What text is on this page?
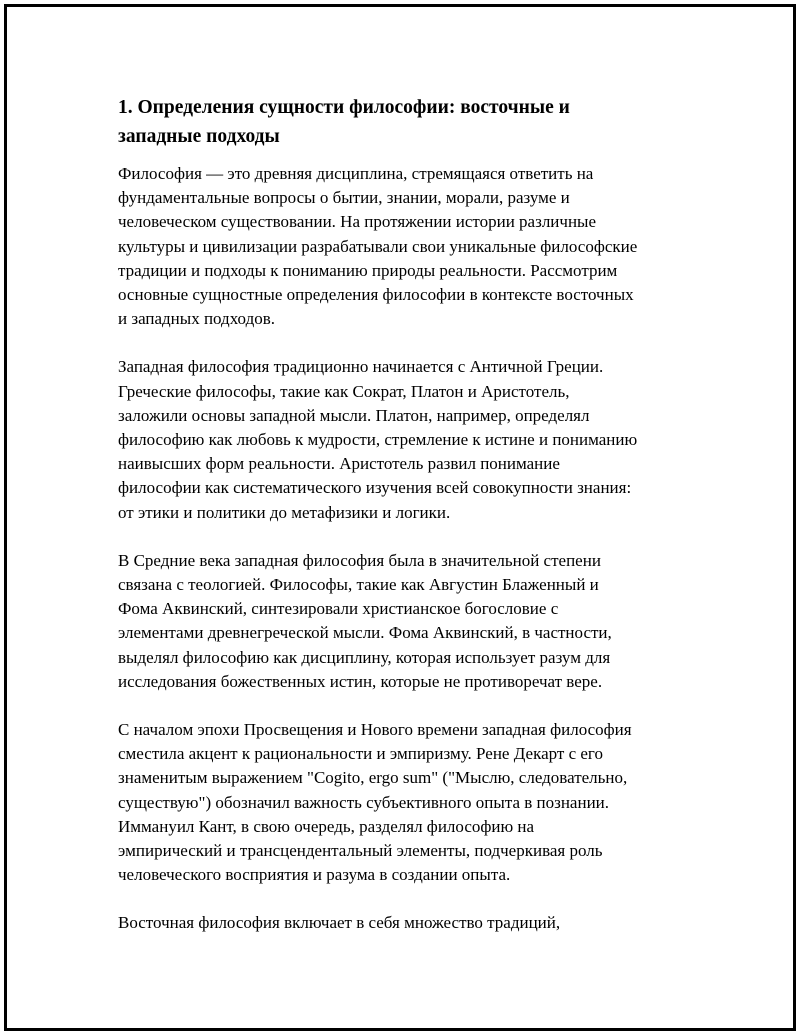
1. Определения сущности философии: восточные и
западные подходы
Философия — это древняя дисциплина, стремящаяся ответить на
фундаментальные вопросы о бытии, знании, морали, разуме и
человеческом существовании. На протяжении истории различные
культуры и цивилизации разрабатывали свои уникальные философские
традиции и подходы к пониманию природы реальности. Рассмотрим
основные сущностные определения философии в контексте восточных
и западных подходов.
Западная философия традиционно начинается с Античной Греции.
Греческие философы, такие как Сократ, Платон и Аристотель,
заложили основы западной мысли. Платон, например, определял
философию как любовь к мудрости, стремление к истине и пониманию
наивысших форм реальности. Аристотель развил понимание
философии как систематического изучения всей совокупности знания:
от этики и политики до метафизики и логики.
В Средние века западная философия была в значительной степени
связана с теологией. Философы, такие как Августин Блаженный и
Фома Аквинский, синтезировали христианское богословие с
элементами древнегреческой мысли. Фома Аквинский, в частности,
выделял философию как дисциплину, которая использует разум для
исследования божественных истин, которые не противоречат вере.
С началом эпохи Просвещения и Нового времени западная философия
сместила акцент к рациональности и эмпиризму. Рене Декарт с его
знаменитым выражением "Cogito, ergo sum" ("Мыслю, следовательно,
существую") обозначил важность субъективного опыта в познании.
Иммануил Кант, в свою очередь, разделял философию на
эмпирический и трансцендентальный элементы, подчеркивая роль
человеческого восприятия и разума в создании опыта.
Восточная философия включает в себя множество традиций,
